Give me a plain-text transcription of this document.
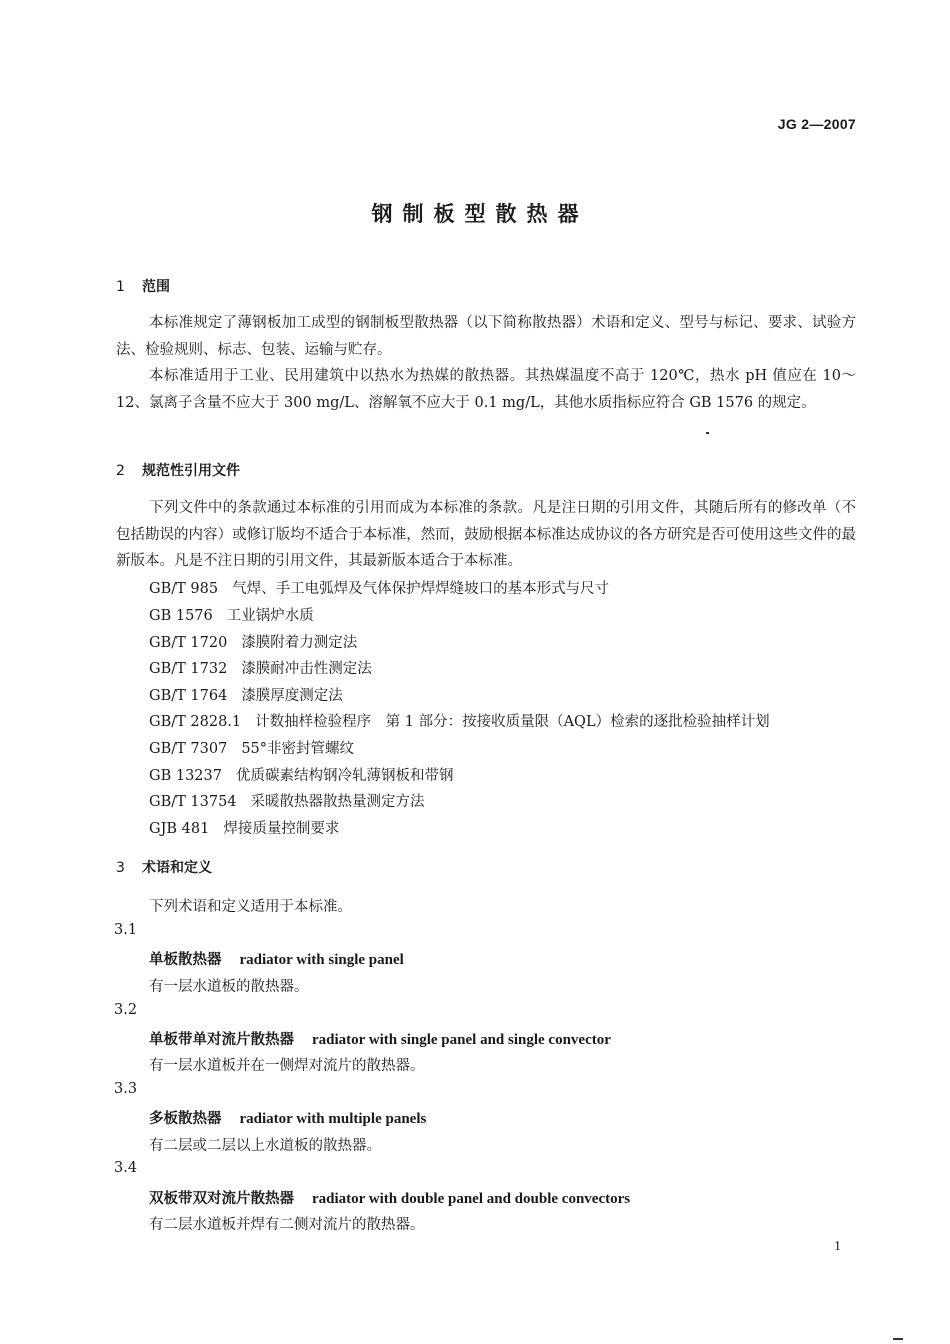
JG 2—2007
钢制板型散热器
1 范围
本标准规定了薄钢板加工成型的钢制板型散热器（以下简称散热器）术语和定义、型号与标记、要求、试验方法、检验规则、标志、包装、运输与贮存。
本标准适用于工业、民用建筑中以热水为热媒的散热器。其热媒温度不高于 120℃，热水 pH 值应在 10～12、氯离子含量不应大于 300 mg/L、溶解氧不应大于 0.1 mg/L，其他水质指标应符合 GB 1576 的规定。
2 规范性引用文件
下列文件中的条款通过本标准的引用而成为本标准的条款。凡是注日期的引用文件，其随后所有的修改单（不包括勘误的内容）或修订版均不适合于本标准，然而，鼓励根据本标准达成协议的各方研究是否可使用这些文件的最新版本。凡是不注日期的引用文件，其最新版本适合于本标准。
GB/T 985 气焊、手工电弧焊及气体保护焊焊缝坡口的基本形式与尺寸
GB 1576 工业锅炉水质
GB/T 1720 漆膜附着力测定法
GB/T 1732 漆膜耐冲击性测定法
GB/T 1764 漆膜厚度测定法
GB/T 2828.1 计数抽样检验程序　第 1 部分：按接收质量限（AQL）检索的逐批检验抽样计划
GB/T 7307 55°非密封管螺纹
GB 13237 优质碳素结构钢冷轧薄钢板和带钢
GB/T 13754 采暖散热器散热量测定方法
GJB 481 焊接质量控制要求
3 术语和定义
下列术语和定义适用于本标准。
3.1
单板散热器 radiator with single panel
有一层水道板的散热器。
3.2
单板带单对流片散热器 radiator with single panel and single convector
有一层水道板并在一侧焊对流片的散热器。
3.3
多板散热器 radiator with multiple panels
有二层或二层以上水道板的散热器。
3.4
双板带双对流片散热器 radiator with double panel and double convectors
有二层水道板并焊有二侧对流片的散热器。
1
